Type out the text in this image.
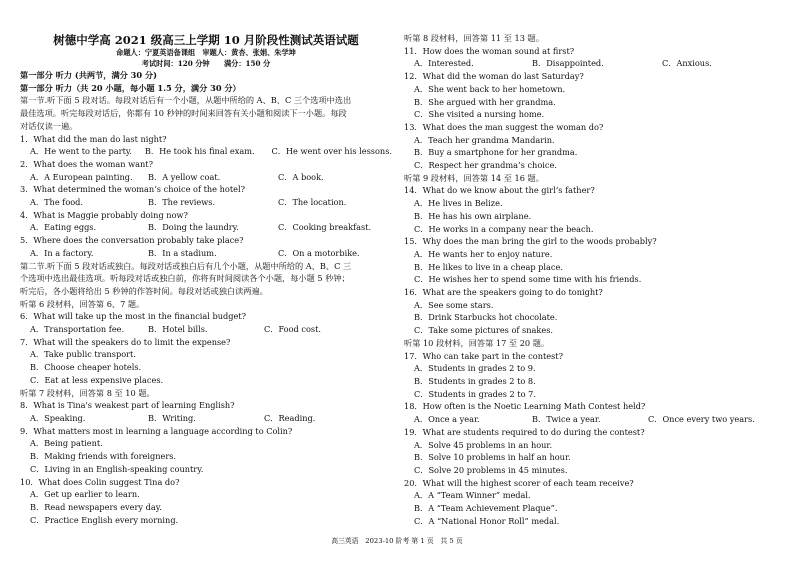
树德中学高 2021 级高三上学期 10 月阶段性测试英语试题
命题人：宁夏英语备课组　审题人：黄杏、张娟、朱学坤
考试时间：120 分钟　　满分：150 分
第一部分 听力 (共两节，满分 30 分)
第一部分 听力（共 20 小题，每小题 1.5 分，满分 30 分）
第一节.听下面 5 段对话。每段对话后有一个小题，从题中所给的 A、B、C 三个选项中选出
最佳选项。听完每段对话后，你都有 10 秒钟的时间来回答有关小题和阅读下一小题。每段
对话仅读一遍。
1．What did the man do last night?
A．He went to the party.	B．He took his final exam.	C．He went over his lessons.
2．What does the woman want?
A．A European painting.	B．A yellow coat.	C．A book.
3．What determined the woman’s choice of the hotel?
A．The food.	B．The reviews.	C．The location.
4．What is Maggie probably doing now?
A．Eating eggs.	B．Doing the laundry.	C．Cooking breakfast.
5．Where does the conversation probably take place?
A．In a factory.	B．In a stadium.	C．On a motorbike.
第二节.听下面 5 段对话或独白。每段对话或独白后有几个小题，从题中所给的 A、B、C 三
个选项中选出最佳选项。听每段对话或独白前，你将有时间阅读各个小题，每小题 5 秒钟；
听完后，各小题将给出 5 秒钟的作答时间。每段对话或独白读两遍。
听第 6 段材料，回答第 6、7 题。
6．What will take up the most in the financial budget?
A．Transportation fee.	B．Hotel bills.	C．Food cost.
7．What will the speakers do to limit the expense?
A．Take public transport.
B．Choose cheaper hotels.
C．Eat at less expensive places.
听第 7 段材料，回答第 8 至 10 题。
8．What is Tina's weakest part of learning English?
A．Speaking.	B．Writing.	C．Reading.
9．What matters most in learning a language according to Colin?
A．Being patient.
B．Making friends with foreigners.
C．Living in an English-speaking country.
10．What does Colin suggest Tina do?
A．Get up earlier to learn.
B．Read newspapers every day.
C．Practice English every morning.
听第 8 段材料，回答第 11 至 13 题。
11．How does the woman sound at first?
A．Interested.	B．Disappointed.	C．Anxious.
12．What did the woman do last Saturday?
A．She went back to her hometown.
B．She argued with her grandma.
C．She visited a nursing home.
13．What does the man suggest the woman do?
A．Teach her grandma Mandarin.
B．Buy a smartphone for her grandma.
C．Respect her grandma’s choice.
听第 9 段材料，回答第 14 至 16 题。
14．What do we know about the girl’s father?
A．He lives in Belize.
B．He has his own airplane.
C．He works in a company near the beach.
15．Why does the man bring the girl to the woods probably?
A．He wants her to enjoy nature.
B．He likes to live in a cheap place.
C．He wishes her to spend some time with his friends.
16．What are the speakers going to do tonight?
A．See some stars.
B．Drink Starbucks hot chocolate.
C．Take some pictures of snakes.
听第 10 段材料，回答第 17 至 20 题。
17．Who can take part in the contest?
A．Students in grades 2 to 9.
B．Students in grades 2 to 8.
C．Students in grades 2 to 7.
18．How often is the Noetic Learning Math Contest held?
A．Once a year.	B．Twice a year.	C．Once every two years.
19．What are students required to do during the contest?
A．Solve 45 problems in an hour.
B．Solve 10 problems in half an hour.
C．Solve 20 problems in 45 minutes.
20．What will the highest scorer of each team receive?
A．A “Team Winner” medal.
B．A “Team Achievement Plaque”.
C．A “National Honor Roll” medal.
高三英语　2023-10 阶考 第 1 页　共 5 页
